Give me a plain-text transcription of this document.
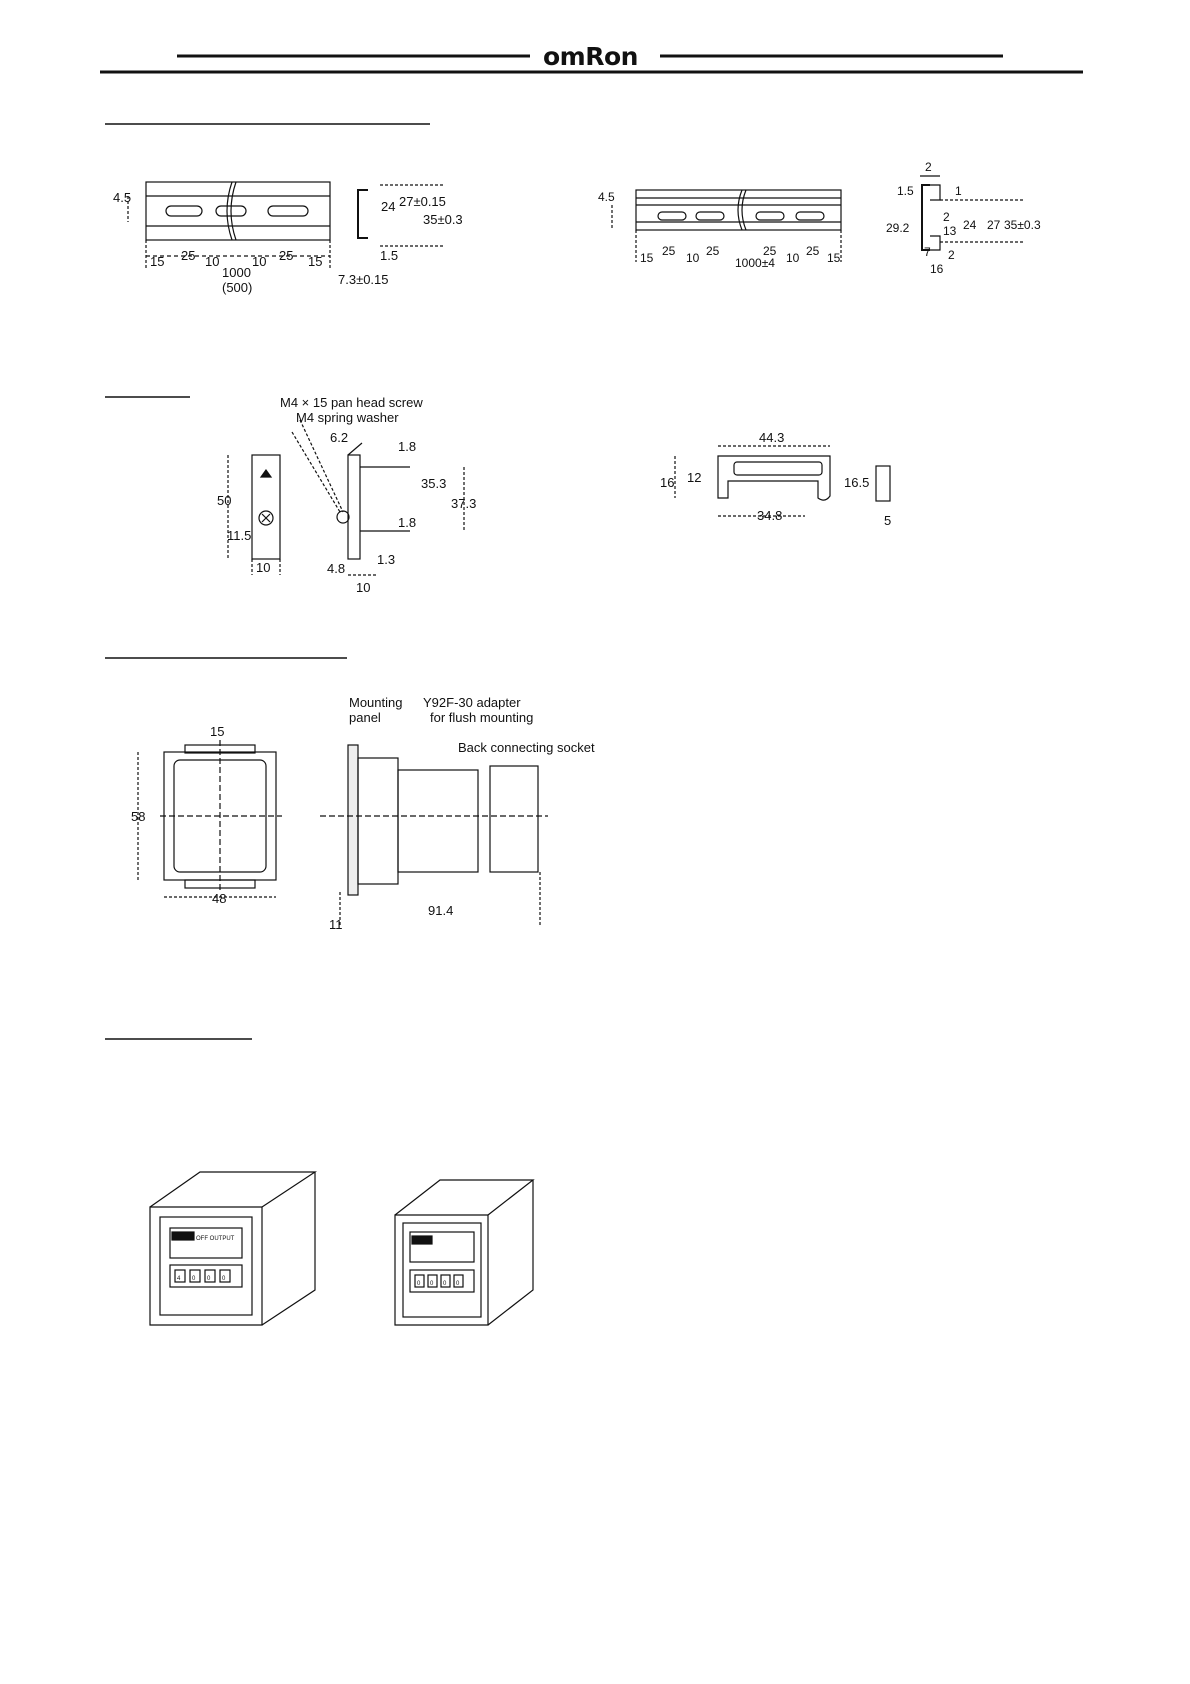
omRon
4.5
15 25 10	10 25 15
1000
(500)
24 27±0.15
35±0.3
1.5
7.3±0.15
4.5
15 25 10 25	25 10 25 15
1000±4
2
1.5	1
29.2
2
13 24 27 35±0.3
7 2
16
M4 × 15 pan head screw
M4 spring washer
50
11.5
10
6.2
1.8
35.3
37.3
1.8
4.8
1.3
10
44.3
16 12	16.5
34.8	5
15
58
48
Mounting
panel
Y92F-30 adapter
for flush mounting
Back connecting socket
11
91.4
OFF OUTPUT
4 0 0 0
0 0 0 0
